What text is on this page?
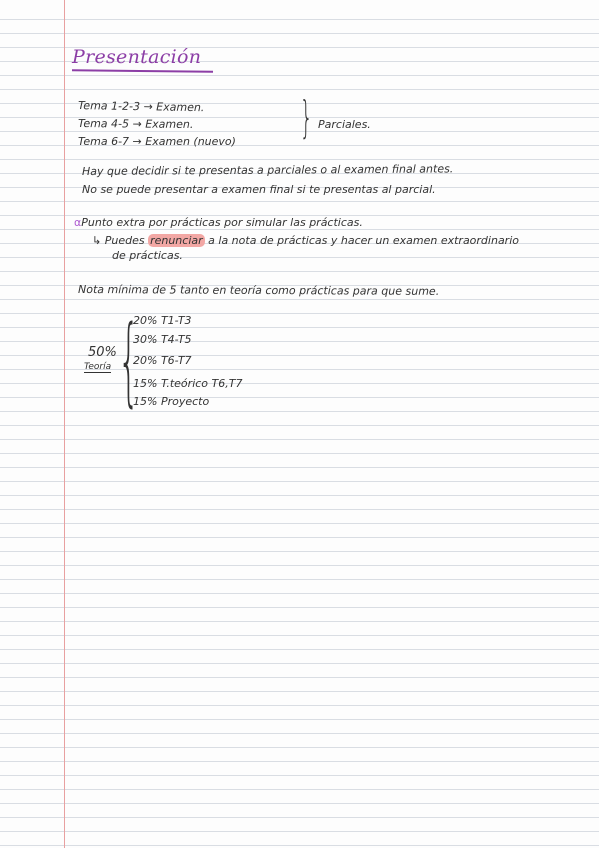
Presentación
Tema 1-2-3 → Examen.
Tema 4-5 → Examen.
Tema 6-7 → Examen (nuevo) } Parciales.
Hay que decidir si te presentas a parciales o al examen final antes.
No se puede presentar a examen final si te presentas al parcial.
αPunto extra por prácticas por simular las prácticas.
↳ Puedes renunciar a la nota de prácticas y hacer un examen extraordinario
de prácticas.
Nota mínima de 5 tanto en teoría como prácticas para que sume.
50%
Teoría {
20% T1-T3
30% T4-T5
20% T6-T7
15% T.teórico T6,T7
15% Proyecto
